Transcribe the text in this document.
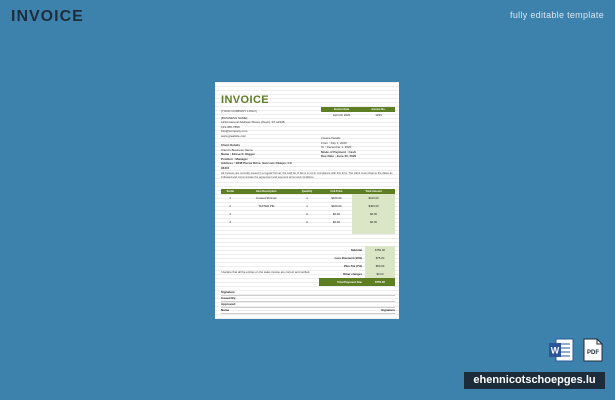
INVOICE	fully editable template
INVOICE
Invoice Date	Invoice No.
April 29, 2020	1234
[YOUR COMPANY LOGO]
[BUSINESS NAME]
1234 Generic Address Street, [Town], ST 12345
123-456-7890
info@company.com
www.greatsite.com
Invoice Details
From : July 1, 2020
To : December 1, 2020
Mode of Payment : Cash
Due Date : June 30, 2020
Client Details
Client's Business Name
Name : Eloise K. Bigger
Position : Manager
Address : 2848 Pierce Drive, San Luis Obispo, CA
93401
All invoices are normally issued in a regular format, the said list of items is not in compliance with this form. The client must observe the dates as indicated and communicate the agreement and payment terms and conditions.
Serial	Item Description	Quantity	Unit Price	Total Amount
1	Cooked Shrimps	1	$100.00	$100.00
2	TASTED PIE	1	$400.00	$400.00
3		0	$0.00	$0.00
4		0	$0.00	$0.00

Subtotal	$750.00
Less Discount (10%)	$75.00
Plus Tax (7%)	$50.00
Other charges	$0.00
Total Payment Due	$755.00
I declare that all the entries on the sales invoice are correct and verified.
Signature
Issued By:
Approved:
Name	Signature
W	PDF
ehennicotschoepges.lu
